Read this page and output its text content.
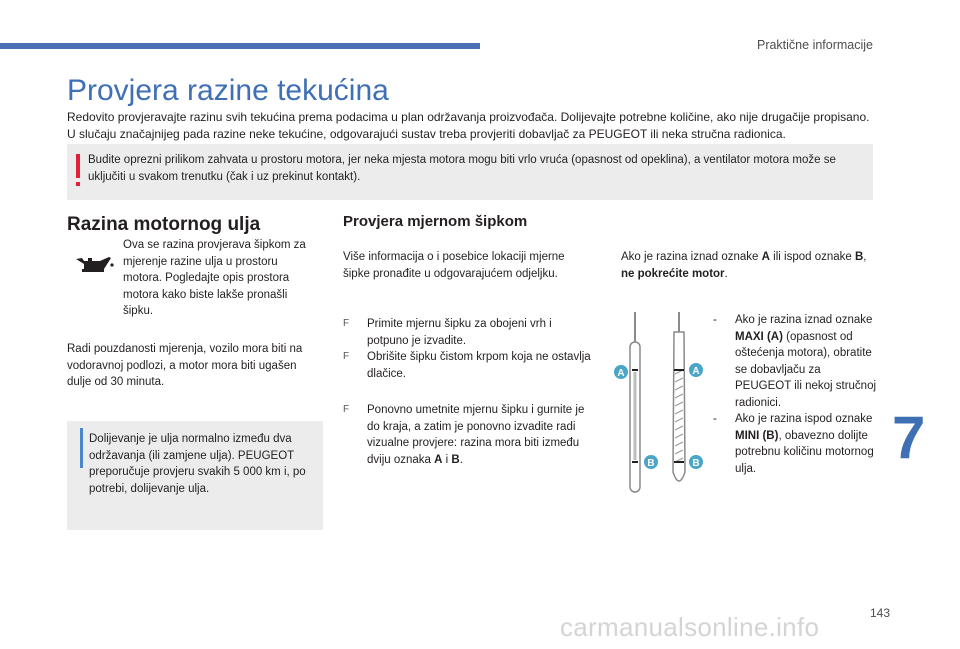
Praktične informacije
Provjera razine tekućina

Redovito provjeravajte razinu svih tekućina prema podacima u plan održavanja proizvođača. Dolijevajte potrebne količine, ako nije drugačije propisano.

U slučaju značajnijeg pada razine neke tekućine, odgovarajući sustav treba provjeriti dobavljač za PEUGEOT ili neka stručna radionica.

Budite oprezni prilikom zahvata u prostoru motora, jer neka mjesta motora mogu biti vrlo vruća (opasnost od opeklina), a ventilator motora može se uključiti u svakom trenutku (čak i uz prekinut kontakt).
Razina motornog ulja
Ova se razina provjerava šipkom za mjerenje razine ulja u prostoru motora. Pogledajte opis prostora motora kako biste lakše pronašli šipku.
Radi pouzdanosti mjerenja, vozilo mora biti na vodoravnoj podlozi, a motor mora biti ugašen dulje od 30 minuta.
Dolijevanje je ulja normalno između dva održavanja (ili zamjene ulja). PEUGEOT preporučuje provjeru svakih 5 000 km i, po potrebi, dolijevanje ulja.
Provjera mjernom šipkom
Više informacija o i posebice lokaciji mjerne šipke pronađite u odgovarajućem odjeljku.
Ako je razina iznad oznake A ili ispod oznake B, ne pokrećite motor.
F Primite mjernu šipku za obojeni vrh i potpuno je izvadite.
F Obrišite šipku čistom krpom koja ne ostavlja dlačice.
F Ponovno umetnite mjernu šipku i gurnite je do kraja, a zatim je ponovno izvadite radi vizualne provjere: razina mora biti između dviju oznaka A i B.
A	A
B	B
- Ako je razina iznad oznake MAXI (A) (opasnost od oštećenja motora), obratite se dobavljaču za PEUGEOT ili nekoj stručnoj radionici.
- Ako je razina ispod oznake MINI (B), obavezno dolijte potrebnu količinu motornog ulja.	7
143
carmanualsonline.info
